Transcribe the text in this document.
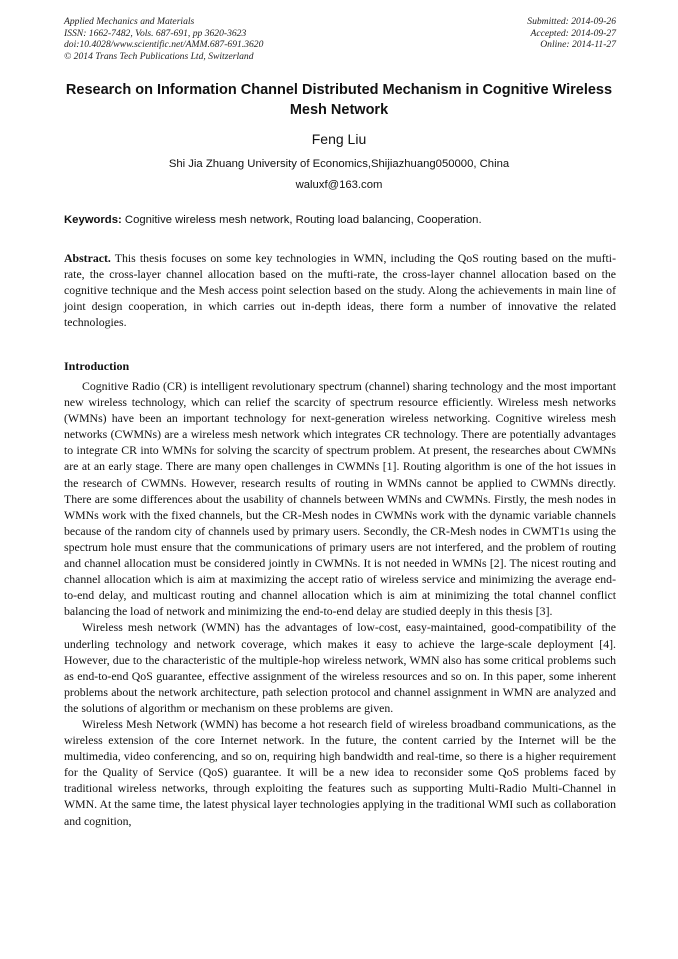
Applied Mechanics and Materials
ISSN: 1662-7482, Vols. 687-691, pp 3620-3623
doi:10.4028/www.scientific.net/AMM.687-691.3620
© 2014 Trans Tech Publications Ltd, Switzerland
Submitted: 2014-09-26
Accepted: 2014-09-27
Online: 2014-11-27
Research on Information Channel Distributed Mechanism in Cognitive Wireless Mesh Network
Feng Liu
Shi Jia Zhuang University of Economics,Shijiazhuang050000, China
waluxf@163.com
Keywords: Cognitive wireless mesh network, Routing load balancing, Cooperation.
Abstract. This thesis focuses on some key technologies in WMN, including the QoS routing based on the mufti-rate, the cross-layer channel allocation based on the mufti-rate, the cross-layer channel allocation based on the cognitive technique and the Mesh access point selection based on the study. Along the achievements in main line of joint design cooperation, in which carries out in-depth ideas, there form a number of innovative the related technologies.
Introduction

Cognitive Radio (CR) is intelligent revolutionary spectrum (channel) sharing technology and the most important new wireless technology, which can relief the scarcity of spectrum resource efficiently. Wireless mesh networks (WMNs) have been an important technology for next-generation wireless networking. Cognitive wireless mesh networks (CWMNs) are a wireless mesh network which integrates CR technology. There are potentially advantages to integrate CR into WMNs for solving the scarcity of spectrum problem. At present, the researches about CWMNs are at an early stage. There are many open challenges in CWMNs [1]. Routing algorithm is one of the hot issues in the research of CWMNs. However, research results of routing in WMNs cannot be applied to CWMNs directly. There are some differences about the usability of channels between WMNs and CWMNs. Firstly, the mesh nodes in WMNs work with the fixed channels, but the CR-Mesh nodes in CWMNs work with the dynamic variable channels because of the random city of channels used by primary users. Secondly, the CR-Mesh nodes in CWMT1s using the spectrum hole must ensure that the communications of primary users are not interfered, and the problem of routing and channel allocation must be considered jointly in CWMNs. It is not needed in WMNs [2]. The nicest routing and channel allocation which is aim at maximizing the accept ratio of wireless service and minimizing the average end-to-end delay, and multicast routing and channel allocation which is aim at minimizing the total channel conflict balancing the load of network and minimizing the end-to-end delay are studied deeply in this thesis [3].

Wireless mesh network (WMN) has the advantages of low-cost, easy-maintained, good-compatibility of the underling technology and network coverage, which makes it easy to achieve the large-scale deployment [4]. However, due to the characteristic of the multiple-hop wireless network, WMN also has some critical problems such as end-to-end QoS guarantee, effective assignment of the wireless resources and so on. In this paper, some inherent problems about the network architecture, path selection protocol and channel assignment in WMN are analyzed and the solutions of algorithm or mechanism on these problems are given.

Wireless Mesh Network (WMN) has become a hot research field of wireless broadband communications, as the wireless extension of the core Internet network. In the future, the content carried by the Internet will be the multimedia, video conferencing, and so on, requiring high bandwidth and real-time, so there is a higher requirement for the Quality of Service (QoS) guarantee. It will be a new idea to reconsider some QoS problems faced by traditional wireless networks, through exploiting the features such as supporting Multi-Radio Multi-Channel in WMN. At the same time, the latest physical layer technologies applying in the traditional WMI such as collaboration and cognition,
